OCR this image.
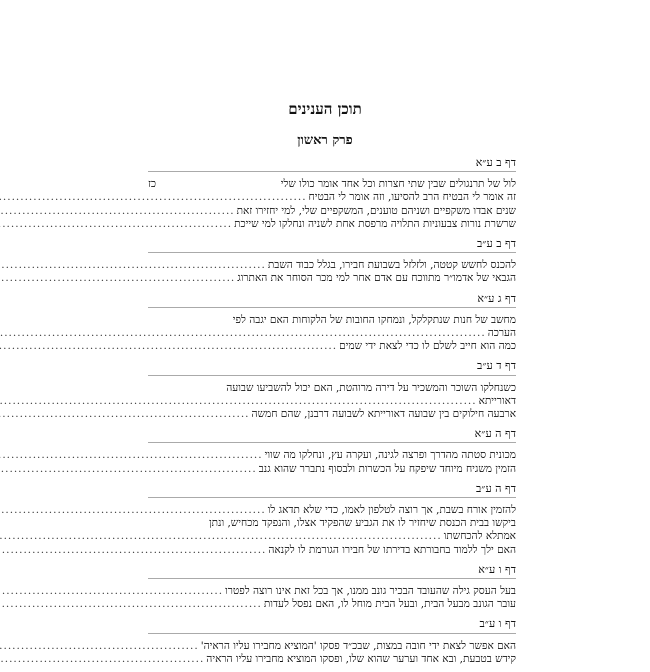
תוכן הענינים
פרק ראשון
דף ב ע״א
לול של תרנגולים שבין שתי חצרות וכל אחד אומר כולו שלי
כז
זה אומר לי הבטיח הרב להסיעו, וזה אומר לי הבטיח
.....
שנים אבדו משקפיים ושניהם טוענים, המשקפיים שלי, למי יחזירו זאת
.....
שרשרת נורות צבעוניות התלויה מרפסת אחת לשניה ונחלקו למי שייכת
.....
דף ב ע״ב
להכנס לחשש קטטה, ולזלזל בשבועת חבירו, בגלל כבוד השבת
.....
הגבאי של אדמו״ר מתווכח עם אדם אחר למי מכר הסוחר את האתרוג
.....
דף ג ע״א
מחשב של חנות שנתקלקל, ונמחקו החובות של הלקוחות האם יגבה לפי
הערכה
.....
כמה הוא חייב לשלם לו כדי לצאת ידי שמים
.....
דף ד ע״ב
כשנחלקו השוכר והמשכיר על דירה מרוהטת, האם יכול להשביעו שבועה
דאורייתא
.....
ארבעה חילוקים בין שבועה דאורייתא לשבועה דרבנן, שהם חמשה
.....
דף ה ע״א
מכונית סטתה מהדרך ופרצה לגינה, ועקרה עץ, ונחלקו מה שווי
.....
הזמין משגיח מיוחד שיפקח על הכשרות ולבסוף נתברר שהוא גנב
.....
דף ה ע״ב
להזמין אורח בשבת, אך רוצה לטלפון לאמו, כדי שלא תדאג לו
.....
ביקשו בבית הכנסת שיחזיר לו את הגביע שהפקיד אצלו, והנפקד מכחיש, ונתן
אמתלא להכחשתו
.....
האם ילך ללמוד בחבורתא בדירתו של חבירו הגורמת לו לקנאה
.....
דף ו ע״א
בעל העסק גילה שהעובד הבכיר גונב ממנו, אך בכל זאת אינו רוצה לפטרו
.....
עובר הגונב מבעל הבית, ובעל הבית מוחל לו, האם נפסל לעדות
.....
דף ו ע״ב
האם אפשר לצאת ידי חובה במצות, שבכ״ד פסקו 'המוציא מחבירו עליו הראיה'
.....
קידש בטבעת, ובא אחד וערער שהוא שלו, ופסקו המוציא מחבירו עליו הראיה
.....
